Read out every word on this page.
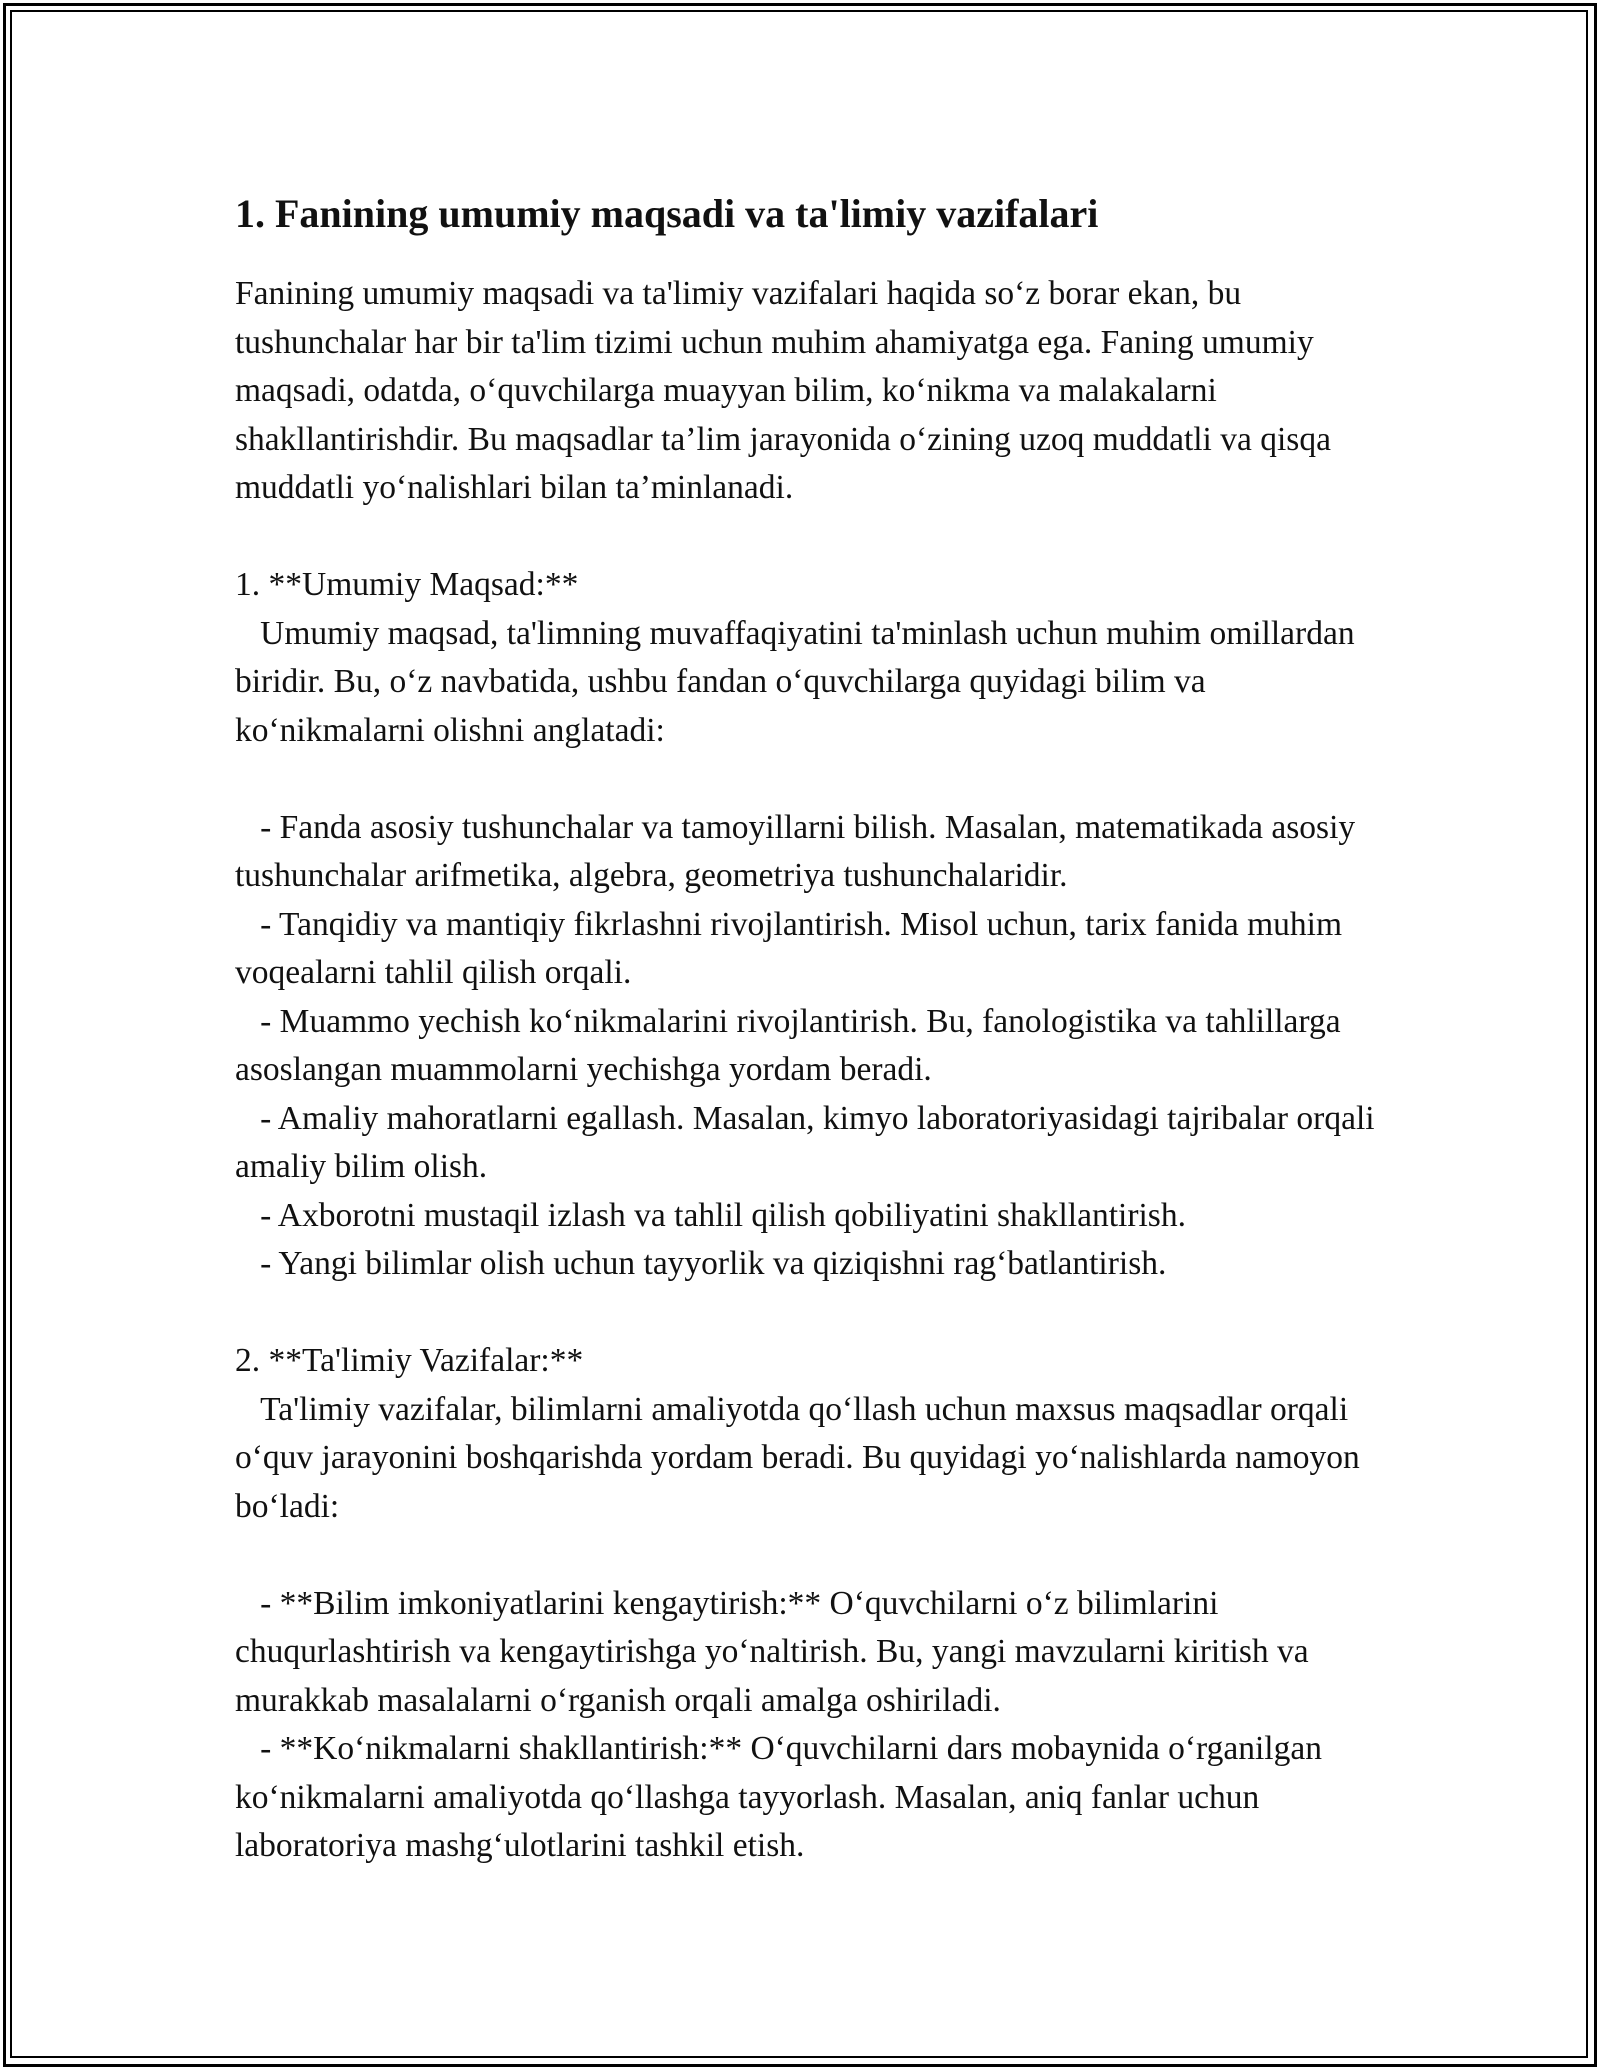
1. Fanining umumiy maqsadi va ta'limiy vazifalari

Fanining umumiy maqsadi va ta'limiy vazifalari haqida so‘z borar ekan, bu tushunchalar har bir ta'lim tizimi uchun muhim ahamiyatga ega. Faning umumiy maqsadi, odatda, o‘quvchilarga muayyan bilim, ko‘nikma va malakalarni shakllantirishdir. Bu maqsadlar ta’lim jarayonida o‘zining uzoq muddatli va qisqa muddatli yo‘nalishlari bilan ta’minlanadi.

1. **Umumiy Maqsad:**

Umumiy maqsad, ta'limning muvaffaqiyatini ta'minlash uchun muhim omillardan biridir. Bu, o‘z navbatida, ushbu fandan o‘quvchilarga quyidagi bilim va ko‘nikmalarni olishni anglatadi:

- Fanda asosiy tushunchalar va tamoyillarni bilish. Masalan, matematikada asosiy tushunchalar arifmetika, algebra, geometriya tushunchalaridir.

- Tanqidiy va mantiqiy fikrlashni rivojlantirish. Misol uchun, tarix fanida muhim voqealarni tahlil qilish orqali.

- Muammo yechish ko‘nikmalarini rivojlantirish. Bu, fanologistika va tahlillarga asoslangan muammolarni yechishga yordam beradi.

- Amaliy mahoratlarni egallash. Masalan, kimyo laboratoriyasidagi tajribalar orqali amaliy bilim olish.

- Axborotni mustaqil izlash va tahlil qilish qobiliyatini shakllantirish.

- Yangi bilimlar olish uchun tayyorlik va qiziqishni rag‘batlantirish.

2. **Ta'limiy Vazifalar:**

Ta'limiy vazifalar, bilimlarni amaliyotda qo‘llash uchun maxsus maqsadlar orqali o‘quv jarayonini boshqarishda yordam beradi. Bu quyidagi yo‘nalishlarda namoyon bo‘ladi:

- **Bilim imkoniyatlarini kengaytirish:** O‘quvchilarni o‘z bilimlarini chuqurlashtirish va kengaytirishga yo‘naltirish. Bu, yangi mavzularni kiritish va murakkab masalalarni o‘rganish orqali amalga oshiriladi.

- **Ko‘nikmalarni shakllantirish:** O‘quvchilarni dars mobaynida o‘rganilgan ko‘nikmalarni amaliyotda qo‘llashga tayyorlash. Masalan, aniq fanlar uchun laboratoriya mashg‘ulotlarini tashkil etish.
